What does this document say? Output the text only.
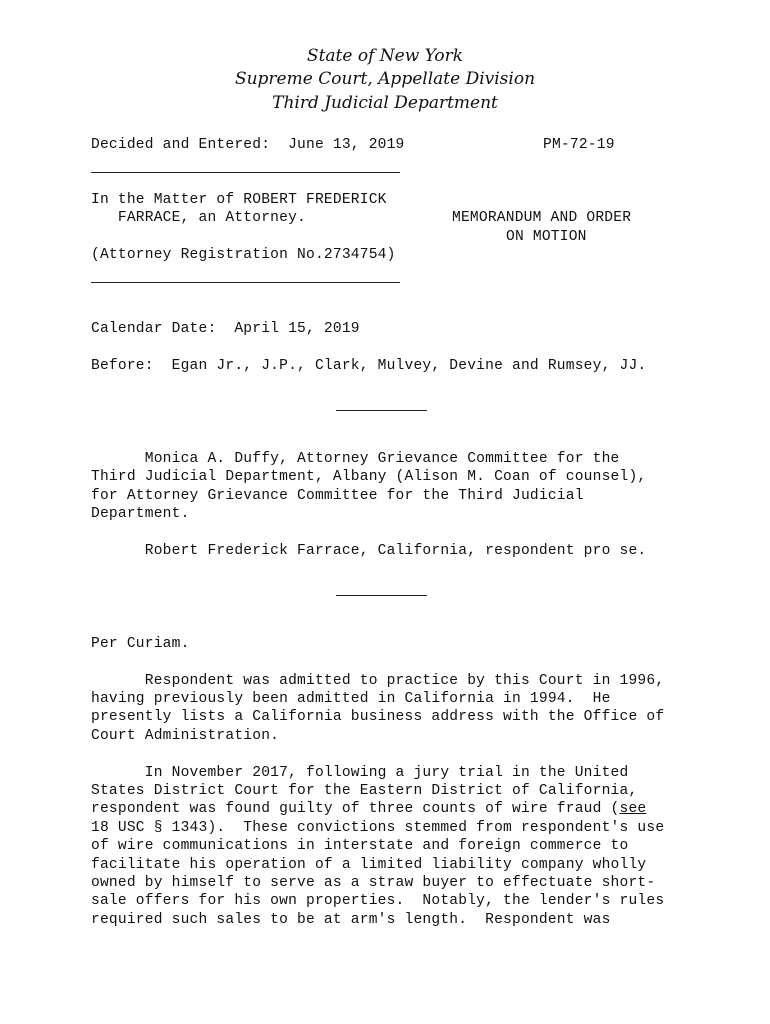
State of New York
Supreme Court, Appellate Division
Third Judicial Department
Decided and Entered:  June 13, 2019	PM-72-19
In the Matter of ROBERT FREDERICK
FARRACE, an Attorney.	MEMORANDUM AND ORDER
ON MOTION
(Attorney Registration No.2734754)
Calendar Date:  April 15, 2019
Before:  Egan Jr., J.P., Clark, Mulvey, Devine and Rumsey, JJ.
Monica A. Duffy, Attorney Grievance Committee for the
Third Judicial Department, Albany (Alison M. Coan of counsel),
for Attorney Grievance Committee for the Third Judicial
Department.
Robert Frederick Farrace, California, respondent pro se.
Per Curiam.
Respondent was admitted to practice by this Court in 1996,
having previously been admitted in California in 1994.  He
presently lists a California business address with the Office of
Court Administration.
In November 2017, following a jury trial in the United
States District Court for the Eastern District of California,
respondent was found guilty of three counts of wire fraud (see
18 USC § 1343).  These convictions stemmed from respondent's use
of wire communications in interstate and foreign commerce to
facilitate his operation of a limited liability company wholly
owned by himself to serve as a straw buyer to effectuate short-
sale offers for his own properties.  Notably, the lender's rules
required such sales to be at arm's length.  Respondent was
